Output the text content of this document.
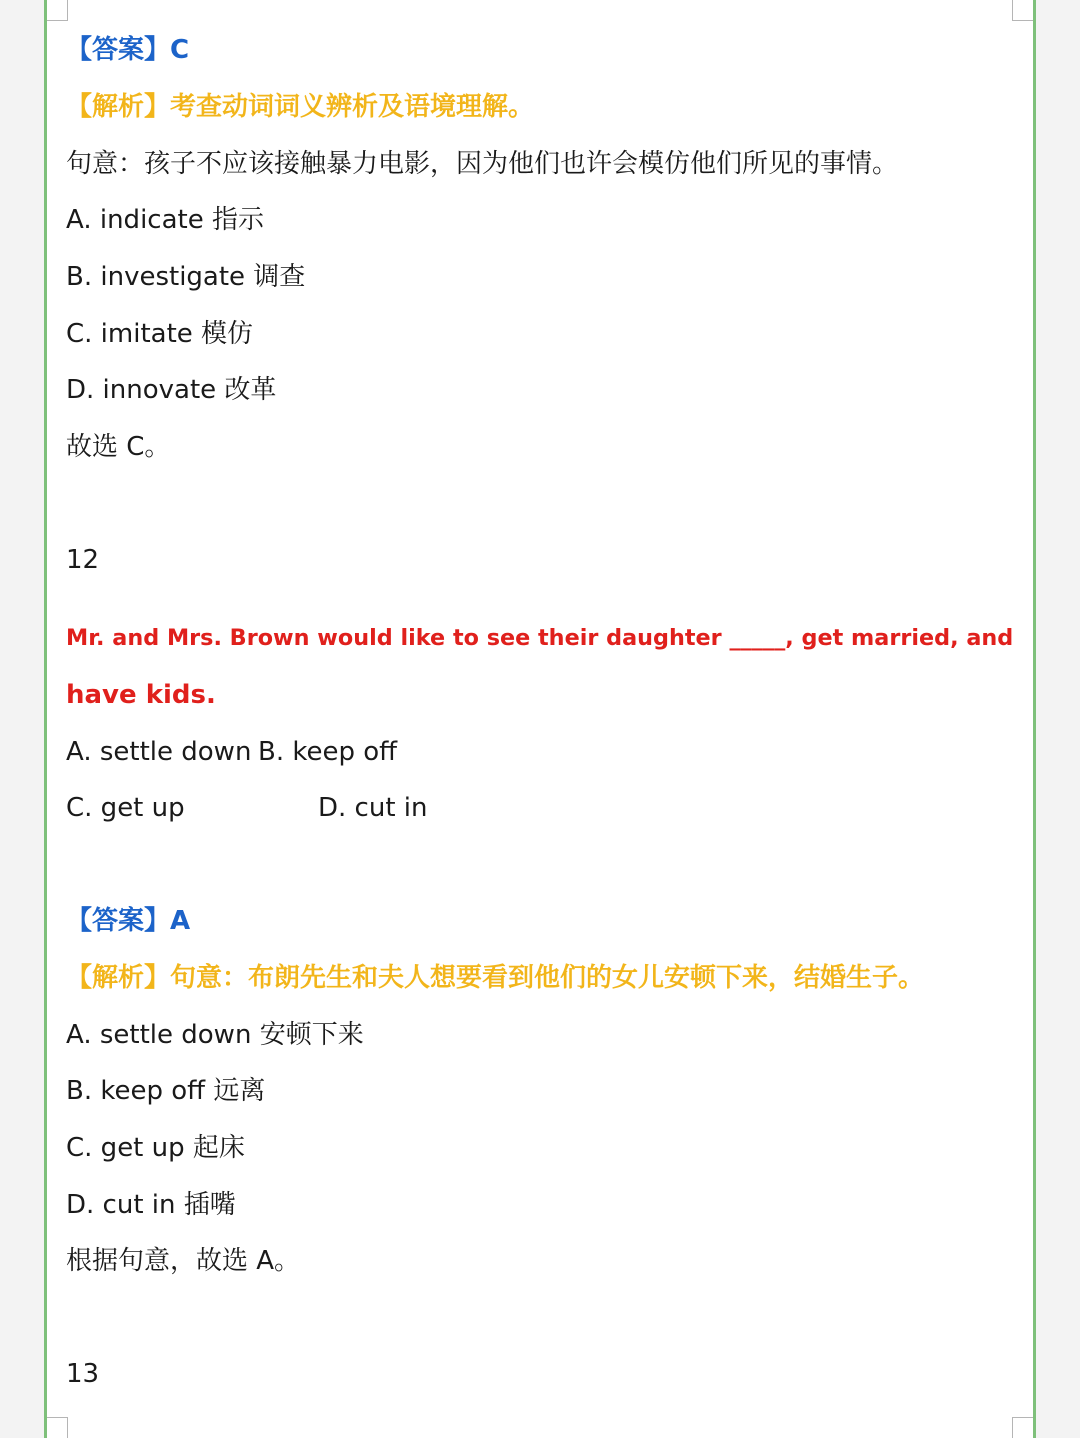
【答案】C

【解析】考查动词词义辨析及语境理解。

句意：孩子不应该接触暴力电影，因为他们也许会模仿他们所见的事情。

A. indicate 指示

B. investigate 调查

C. imitate 模仿

D. innovate 改革

故选 C。

12

Mr. and Mrs. Brown would like to see their daughter _____, get married, and

have kids.

A. settle down B. keep off
C. get up	D. cut in

【答案】A

【解析】句意：布朗先生和夫人想要看到他们的女儿安顿下来，结婚生子。

A. settle down 安顿下来

B. keep off 远离

C. get up 起床

D. cut in 插嘴

根据句意，故选 A。

13
